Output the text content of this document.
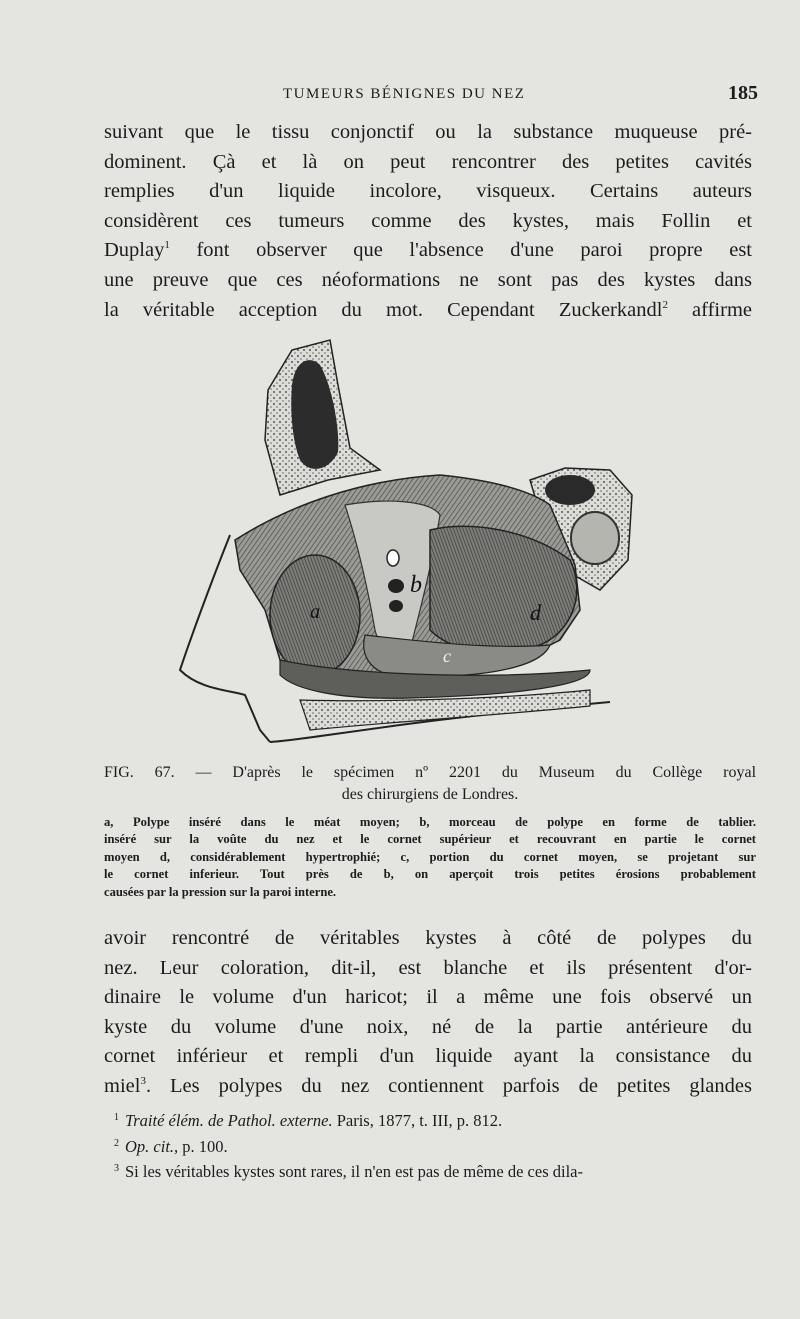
TUMEURS BÉNIGNES DU NEZ	185

suivant que le tissu conjonctif ou la substance muqueuse pré-
dominent. Çà et là on peut rencontrer des petites cavités
remplies d'un liquide incolore, visqueux. Certains auteurs
considèrent ces tumeurs comme des kystes, mais Follin et
Duplay$^1$ font observer que l'absence d'une paroi propre est
une preuve que ces néoformations ne sont pas des kystes dans
la véritable acception du mot. Cependant Zuckerkandl$^2$ affirme

a
b
c
d
FIG. 67. — D'après le spécimen nº 2201 du Museum du Collège royal
des chirurgiens de Londres.
a, Polype inséré dans le méat moyen; b, morceau de polype en forme de tablier.
inséré sur la voûte du nez et le cornet supérieur et recouvrant en partie le cornet
moyen d, considérablement hypertrophié; c, portion du cornet moyen, se projetant sur
le cornet inferieur. Tout près de b, on aperçoit trois petites érosions probablement
causées par la pression sur la paroi interne.

avoir rencontré de véritables kystes à côté de polypes du
nez. Leur coloration, dit-il, est blanche et ils présentent d'or-
dinaire le volume d'un haricot; il a même une fois observé un
kyste du volume d'une noix, né de la partie antérieure du
cornet inférieur et rempli d'un liquide ayant la consistance du
miel$^3$. Les polypes du nez contiennent parfois de petites glandes

$^1$ Traité élém. de Pathol. externe. Paris, 1877, t. III, p. 812.
$^2$ Op. cit., p. 100.
$^3$ Si les véritables kystes sont rares, il n'en est pas de même de ces dila-
